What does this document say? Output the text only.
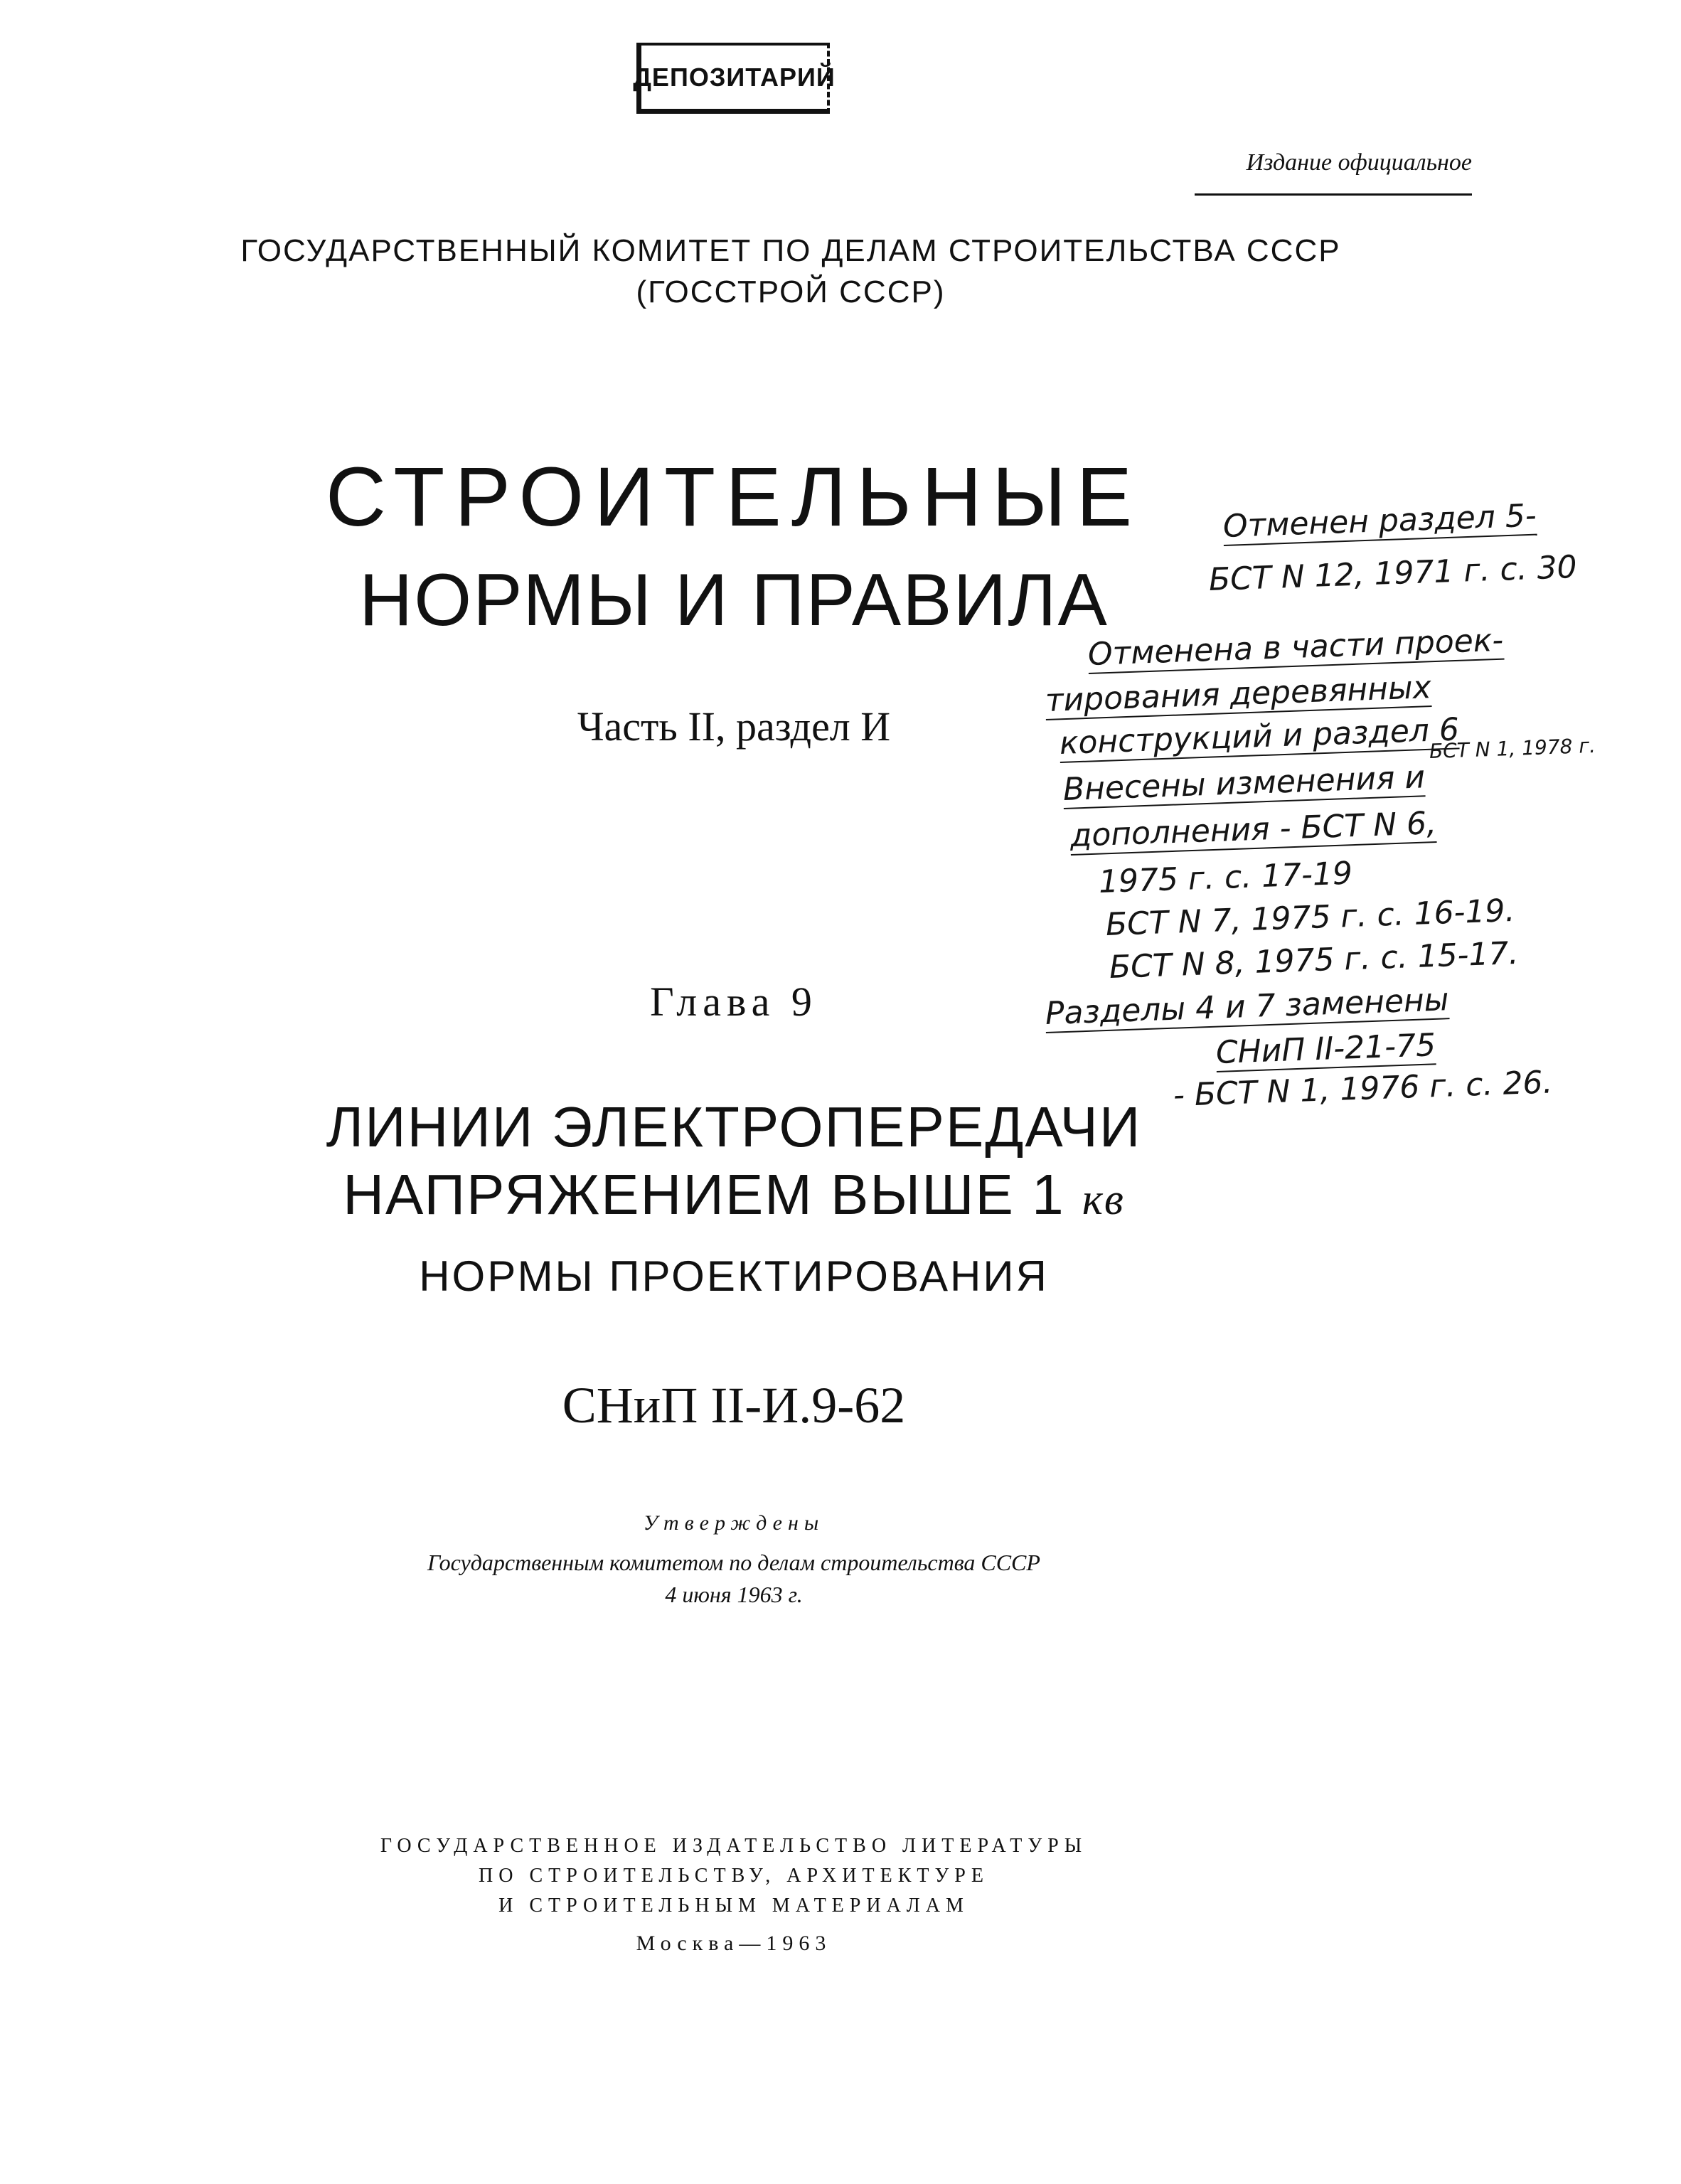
ДЕПОЗИТАРИЙ
Издание официальное
ГОСУДАРСТВЕННЫЙ КОМИТЕТ ПО ДЕЛАМ СТРОИТЕЛЬСТВА СССР
(ГОССТРОЙ СССР)
СТРОИТЕЛЬНЫЕ
НОРМЫ И ПРАВИЛА
Часть II, раздел И
Глава 9
ЛИНИИ ЭЛЕКТРОПЕРЕДАЧИ
НАПРЯЖЕНИЕМ ВЫШЕ 1 кв
НОРМЫ ПРОЕКТИРОВАНИЯ
СНиП II-И.9-62
Утверждены
Государственным комитетом по делам строительства СССР
4 июня 1963 г.
ГОСУДАРСТВЕННОЕ ИЗДАТЕЛЬСТВО ЛИТЕРАТУРЫ
ПО СТРОИТЕЛЬСТВУ, АРХИТЕКТУРЕ
И СТРОИТЕЛЬНЫМ МАТЕРИАЛАМ
Москва—1963
Отменен раздел 5-
БСТ N 12, 1971 г. с. 30
Отменена в части проек-
тирования деревянных
конструкций и раздел 6
БСТ N 1, 1978 г.
Внесены изменения и
дополнения - БСТ N 6,
1975 г. с. 17-19
БСТ N 7, 1975 г. с. 16-19.
БСТ N 8, 1975 г. с. 15-17.
Разделы 4 и 7 заменены
СНиП II-21-75
- БСТ N 1, 1976 г. с. 26.
